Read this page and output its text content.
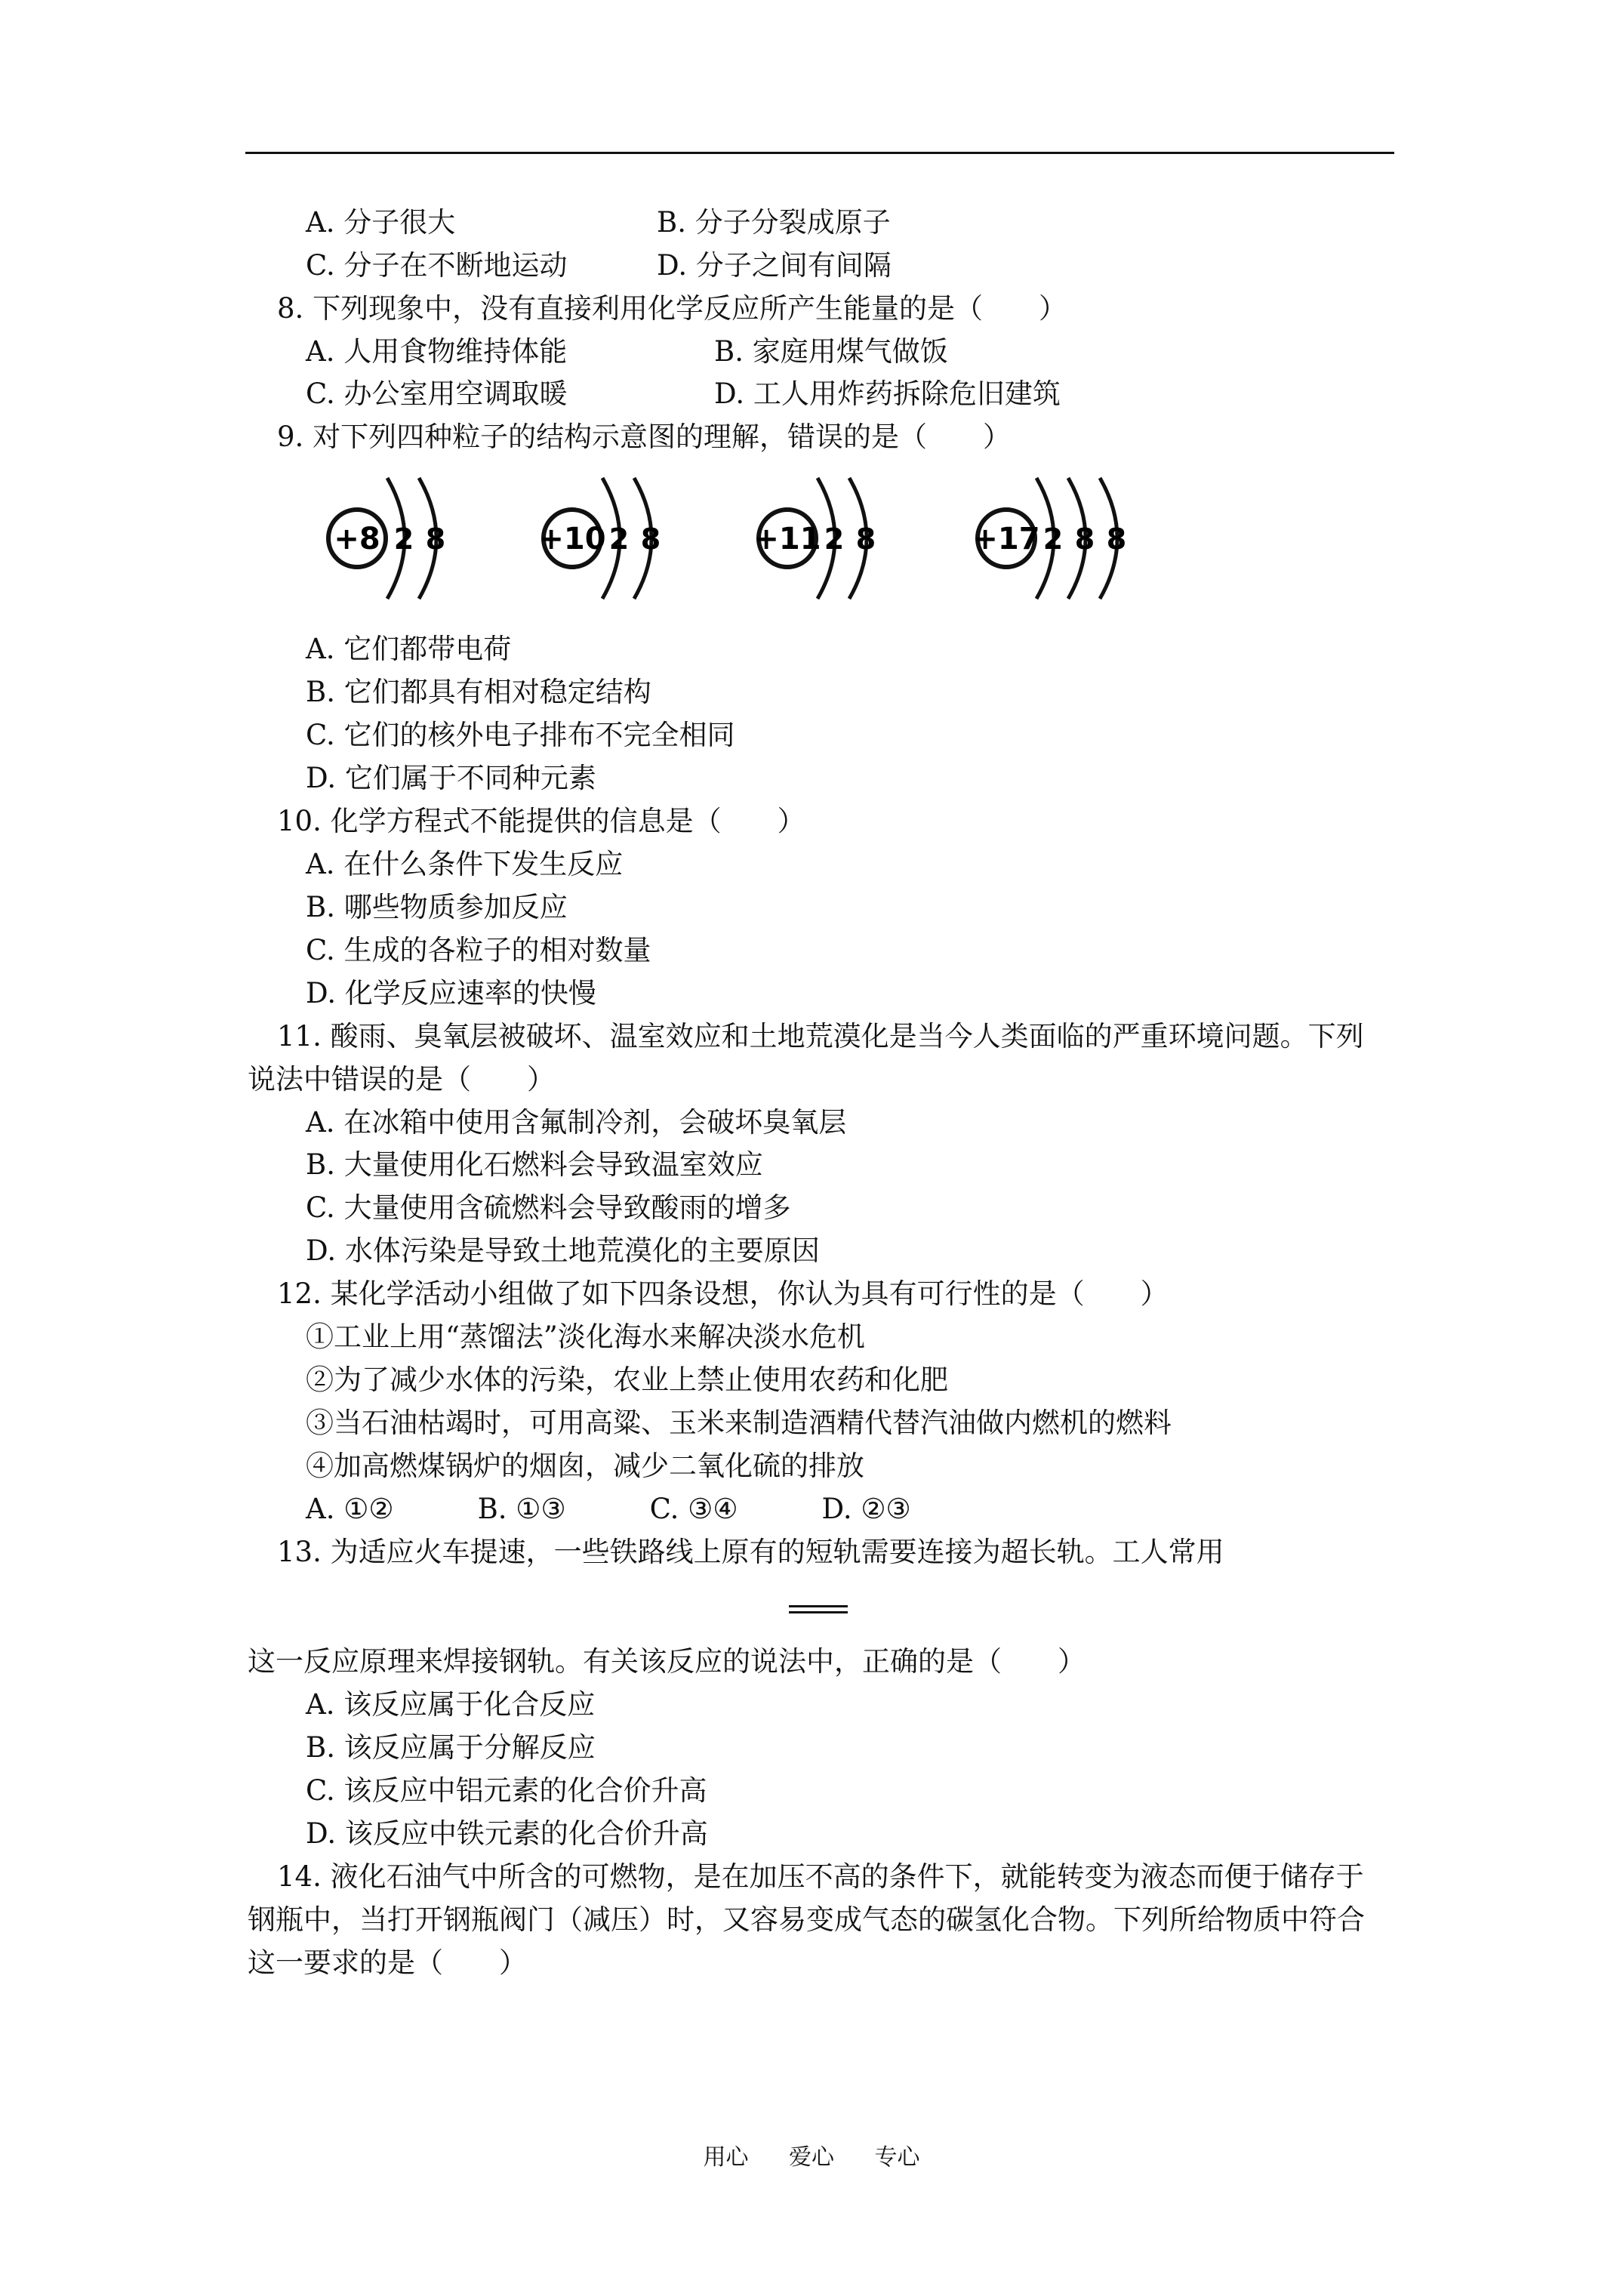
A. 分子很大	B. 分子分裂成原子
C. 分子在不断地运动	D. 分子之间有间隔
8. 下列现象中，没有直接利用化学反应所产生能量的是（　　）
A. 人用食物维持体能	B. 家庭用煤气做饭
C. 办公室用空调取暖	D. 工人用炸药拆除危旧建筑
9. 对下列四种粒子的结构示意图的理解，错误的是（　　）
+8 2 8	+10 2 8	+11 2 8	+17 2 8 8
A. 它们都带电荷
B. 它们都具有相对稳定结构
C. 它们的核外电子排布不完全相同
D. 它们属于不同种元素
10. 化学方程式不能提供的信息是（　　）
A. 在什么条件下发生反应
B. 哪些物质参加反应
C. 生成的各粒子的相对数量
D. 化学反应速率的快慢
11. 酸雨、臭氧层被破坏、温室效应和土地荒漠化是当今人类面临的严重环境问题。下列
说法中错误的是（　　）
A. 在冰箱中使用含氟制冷剂，会破坏臭氧层
B. 大量使用化石燃料会导致温室效应
C. 大量使用含硫燃料会导致酸雨的增多
D. 水体污染是导致土地荒漠化的主要原因
12. 某化学活动小组做了如下四条设想，你认为具有可行性的是（　　）
①工业上用“蒸馏法”淡化海水来解决淡水危机
②为了减少水体的污染，农业上禁止使用农药和化肥
③当石油枯竭时，可用高粱、玉米来制造酒精代替汽油做内燃机的燃料
④加高燃煤锅炉的烟囱，减少二氧化硫的排放
A. ①②　　　B. ①③　　　C. ③④　　　D. ②③
13. 为适应火车提速，一些铁路线上原有的短轨需要连接为超长轨。工人常用
这一反应原理来焊接钢轨。有关该反应的说法中，正确的是（　　）
A. 该反应属于化合反应
B. 该反应属于分解反应
C. 该反应中铝元素的化合价升高
D. 该反应中铁元素的化合价升高
14. 液化石油气中所含的可燃物，是在加压不高的条件下，就能转变为液态而便于储存于
钢瓶中，当打开钢瓶阀门（减压）时，又容易变成气态的碳氢化合物。下列所给物质中符合
这一要求的是（　　）
用心 爱心 专心
